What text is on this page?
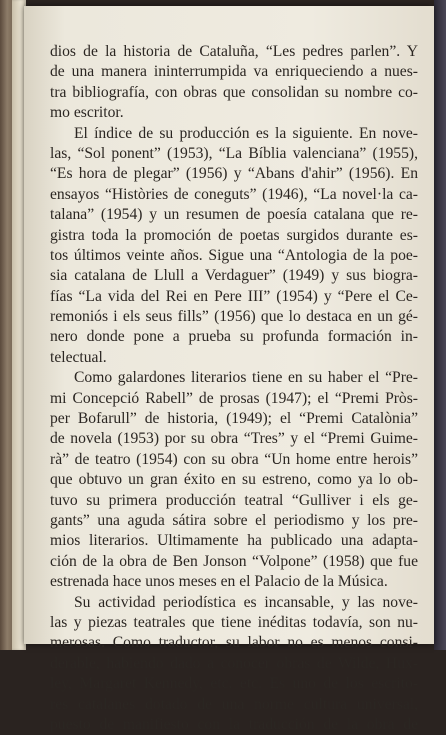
dios de la historia de Cataluña, “Les pedres parlen”. Y
de una manera ininterrumpida va enriqueciendo a nues-
tra bibliografía, con obras que consolidan su nombre co-
mo escritor.
El índice de su producción es la siguiente. En nove-
las, “Sol ponent” (1953), “La Bíblia valenciana” (1955),
“Es hora de plegar” (1956) y “Abans d'ahir” (1956). En
ensayos “Històries de coneguts” (1946), “La novel·la ca-
talana” (1954) y un resumen de poesía catalana que re-
gistra toda la promoción de poetas surgidos durante es-
tos últimos veinte años. Sigue una “Antologia de la poe-
sia catalana de Llull a Verdaguer” (1949) y sus biogra-
fías “La vida del Rei en Pere III” (1954) y “Pere el Ce-
remoniós i els seus fills” (1956) que lo destaca en un gé-
nero donde pone a prueba su profunda formación in-
telectual.
Como galardones literarios tiene en su haber el “Pre-
mi Concepció Rabell” de prosas (1947); el “Premi Pròs-
per Bofarull” de historia, (1949); el “Premi Catalònia”
de novela (1953) por su obra “Tres” y el “Premi Guime-
rà” de teatro (1954) con su obra “Un home entre herois”
que obtuvo un gran éxito en su estreno, como ya lo ob-
tuvo su primera producción teatral “Gulliver i els ge-
gants” una aguda sátira sobre el periodismo y los pre-
mios literarios. Ultimamente ha publicado una adapta-
ción de la obra de Ben Jonson “Volpone” (1958) que fue
estrenada hace unos meses en el Palacio de la Música.
Su actividad periodística es incansable, y las nove-
las y piezas teatrales que tiene inéditas todavía, son nu-
merosas. Como traductor, su labor no es menos consi-
derable, habiendo dado a conocer obras de Wilde, Hux-
ley, Margaret Kennedy, etc. etc. Es uno de los escrito-
res catalanes dotado de una norme cultura universal,
puesto de manifiesto con la traducción de la obra de
